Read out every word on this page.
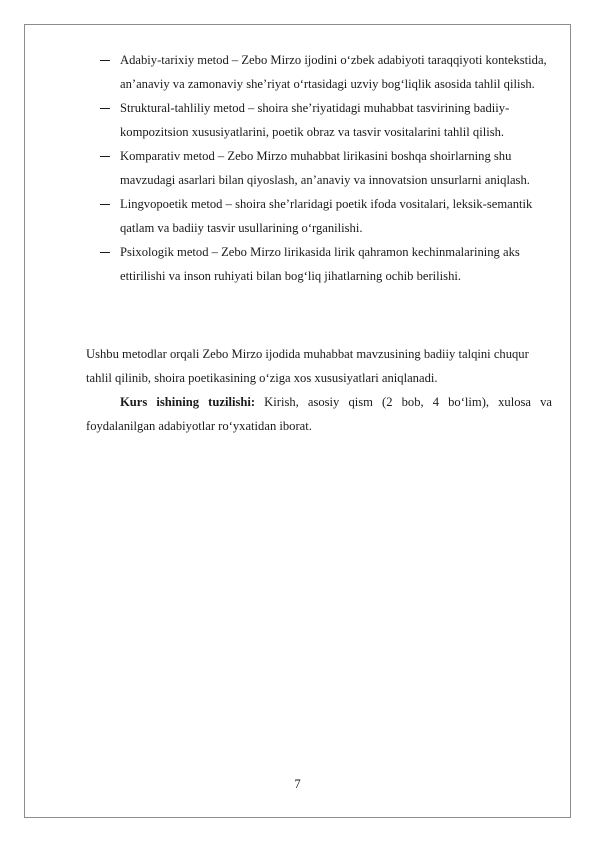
Adabiy-tarixiy metod – Zebo Mirzo ijodini o‘zbek adabiyoti taraqqiyoti kontekstida, an’anaviy va zamonaviy she’riyat o‘rtasidagi uzviy bog‘liqlik asosida tahlil qilish.
Struktural-tahliliy metod – shoira she’riyatidagi muhabbat tasvirining badiiy-kompozitsion xususiyatlarini, poetik obraz va tasvir vositalarini tahlil qilish.
Komparativ metod – Zebo Mirzo muhabbat lirikasini boshqa shoirlarning shu mavzudagi asarlari bilan qiyoslash, an’anaviy va innovatsion unsurlarni aniqlash.
Lingvopoetik metod – shoira she’rlaridagi poetik ifoda vositalari, leksik-semantik qatlam va badiiy tasvir usullarining o‘rganilishi.
Psixologik metod – Zebo Mirzo lirikasida lirik qahramon kechinmalarining aks ettirilishi va inson ruhiyati bilan bog‘liq jihatlarning ochib berilishi.

Ushbu metodlar orqali Zebo Mirzo ijodida muhabbat mavzusining badiiy talqini chuqur tahlil qilinib, shoira poetikasining o‘ziga xos xususiyatlari aniqlanadi.

Kurs ishining tuzilishi: Kirish, asosiy qism (2 bob, 4 bo‘lim), xulosa va foydalanilgan adabiyotlar ro‘yxatidan iborat.

7
